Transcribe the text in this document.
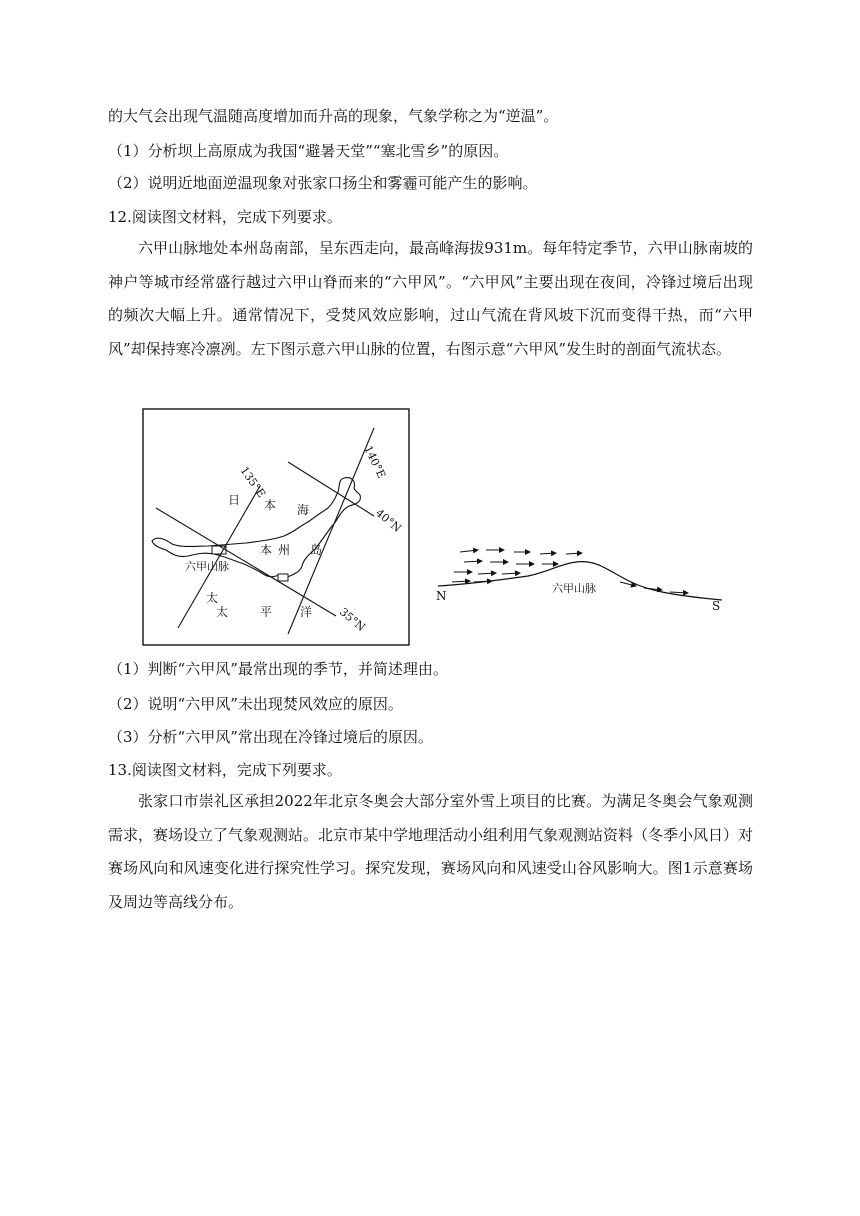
的大气会出现气温随高度增加而升高的现象，气象学称之为“逆温”。
（1）分析坝上高原成为我国“避暑天堂”“塞北雪乡”的原因。
（2）说明近地面逆温现象对张家口扬尘和雾霾可能产生的影响。
12.阅读图文材料，完成下列要求。
六甲山脉地处本州岛南部，呈东西走向，最高峰海拔931m。每年特定季节，六甲山脉南坡的神户等城市经常盛行越过六甲山脊而来的“六甲风”。“六甲风”主要出现在夜间，冷锋过境后出现的频次大幅上升。通常情况下，受焚风效应影响，过山气流在背风坡下沉而变得干热，而“六甲风”却保持寒冷凛冽。左下图示意六甲山脉的位置，右图示意“六甲风”发生时的剖面气流状态。
140°E
135°E
40°N
35°N
日 本 海
本 州 岛
六甲山脉
太
太	平 洋
N
S
六甲山脉
（1）判断“六甲风”最常出现的季节，并简述理由。
（2）说明“六甲风”未出现焚风效应的原因。
（3）分析“六甲风”常出现在冷锋过境后的原因。
13.阅读图文材料，完成下列要求。
张家口市崇礼区承担2022年北京冬奥会大部分室外雪上项目的比赛。为满足冬奥会气象观测需求，赛场设立了气象观测站。北京市某中学地理活动小组利用气象观测站资料（冬季小风日）对赛场风向和风速变化进行探究性学习。探究发现，赛场风向和风速受山谷风影响大。图1示意赛场及周边等高线分布。
